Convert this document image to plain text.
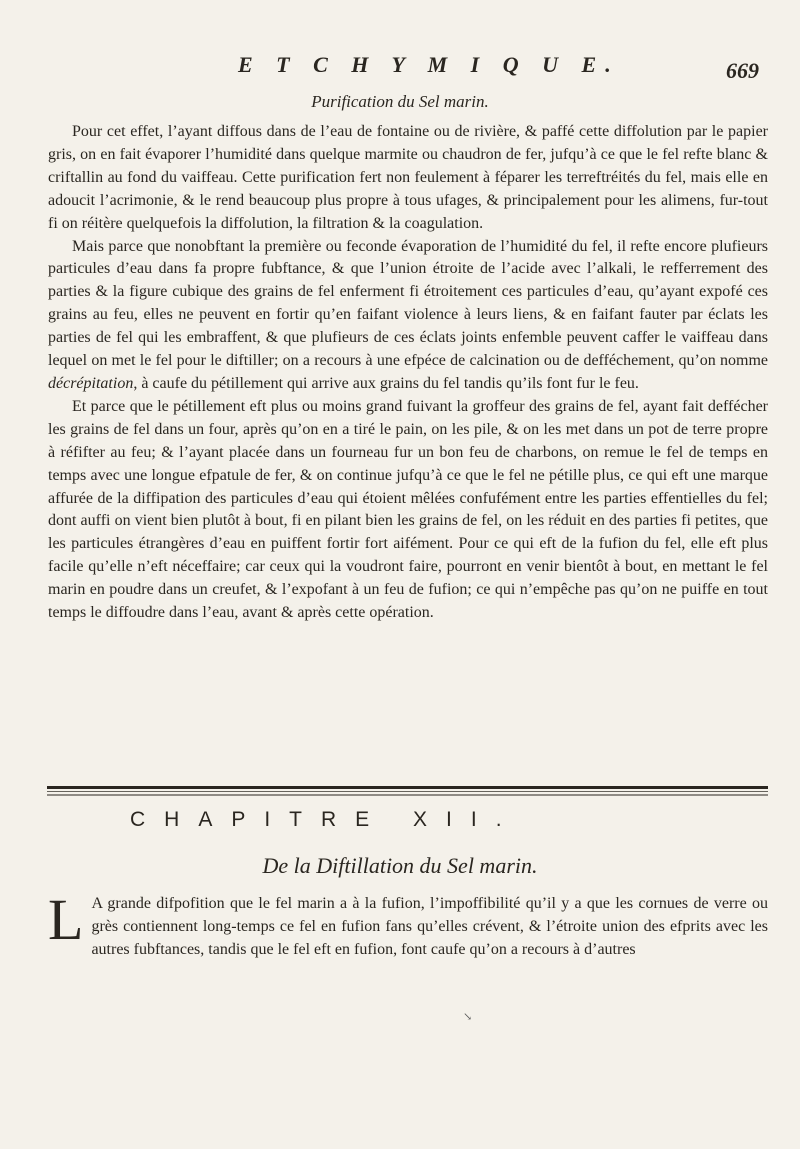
E T C H Y M I Q U E.	669
Purification du Sel marin.

Pour cet effet, l’ayant diffous dans de l’eau de fontaine ou de rivière, & paffé cette diffolution par le papier gris, on en fait évaporer l’humidité dans quelque marmite ou chaudron de fer, jufqu’à ce que le fel refte blanc & criftallin au fond du vaiffeau. Cette purification fert non feulement à féparer les terreftréités du fel, mais elle en adoucit l’acrimonie, & le rend beaucoup plus propre à tous ufages, & principalement pour les alimens, fur-tout fi on réitère quelquefois la diffolution, la filtration & la coagulation.

Mais parce que nonobftant la première ou feconde évaporation de l’humidité du fel, il refte encore plufieurs particules d’eau dans fa propre fubftance, & que l’union étroite de l’acide avec l’alkali, le refferrement des parties & la figure cubique des grains de fel enferment fi étroitement ces particules d’eau, qu’ayant expofé ces grains au feu, elles ne peuvent en fortir qu’en faifant violence à leurs liens, & en faifant fauter par éclats les parties de fel qui les embraffent, & que plufieurs de ces éclats joints enfemble peuvent caffer le vaiffeau dans lequel on met le fel pour le diftiller; on a recours à une efpéce de calcination ou de defféchement, qu’on nomme décrépitation, à caufe du pétillement qui arrive aux grains du fel tandis qu’ils font fur le feu.

Et parce que le pétillement eft plus ou moins grand fuivant la groffeur des grains de fel, ayant fait deffécher les grains de fel dans un four, après qu’on en a tiré le pain, on les pile, & on les met dans un pot de terre propre à réfifter au feu; & l’ayant placée dans un fourneau fur un bon feu de charbons, on remue le fel de temps en temps avec une longue efpatule de fer, & on continue jufqu’à ce que le fel ne pétille plus, ce qui eft une marque affurée de la diffipation des particules d’eau qui étoient mêlées confufément entre les parties effentielles du fel; dont auffi on vient bien plutôt à bout, fi en pilant bien les grains de fel, on les réduit en des parties fi petites, que les particules étrangères d’eau en puiffent fortir fort aifément. Pour ce qui eft de la fufion du fel, elle eft plus facile qu’elle n’eft néceffaire; car ceux qui la voudront faire, pourront en venir bientôt à bout, en mettant le fel marin en poudre dans un creufet, & l’expofant à un feu de fufion; ce qui n’empêche pas qu’on ne puiffe en tout temps le diffoudre dans l’eau, avant & après cette opération.

CHAPITRE XII.
De la Diftillation du Sel marin.

L A grande difpofition que le fel marin a à la fufion, l’impoffibilité qu’il y a que les cornues de verre ou grès contiennent long-temps ce fel en fufion fans qu’elles crévent, & l’étroite union des efprits avec les autres fubftances, tandis que le fel eft en fufion, font caufe qu’on a recours à d’autres

↘
